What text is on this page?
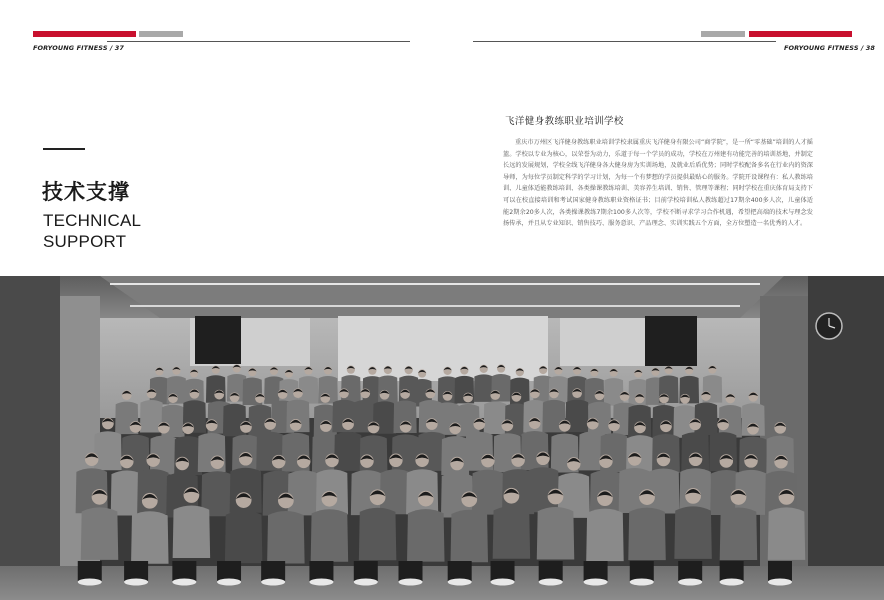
FORYOUNG FITNESS / 37	FORYOUNG FITNESS / 38
技术支撑
TECHNICAL
SUPPORT
飞洋健身教练职业培训学校
重庆市万州区飞洋健身教练职业培训学校隶属重庆飞洋健身有限公司“商学院”，是一所“零基础”培训的人才摇篮。学校以专业为核心，以荣誉为动力，乐道于每一个学员的成功，学校在万州建有功能完善的培训基地，并制定长远的发展规划，学校全线飞洋健身各大健身房为实训场地，及就业后盾优势；同时学校配备多名在行业内的资深导师，为每位学员制定科学的学习计划，为每一个有梦想的学员提供最贴心的服务。学院开设课程有：私人教练培训、儿童体适能教练培训、各类操课教练培训、美容养生培训、销售、管理等课程；同时学校在重庆体育局支持下可以在校直接培训和考试国家健身教练职业资格证书；目前学校培训私人教练超过17期余400多人次，儿童体适能2期余20多人次，各类操课教练7期余100多人次等，学校不断寻求学习合作机遇，希望把高端的技术与理念发扬传承，并且从专业知识、销售技巧、服务意识、产品理念、实训实践五个方面，全方位塑造一名优秀的人才。
